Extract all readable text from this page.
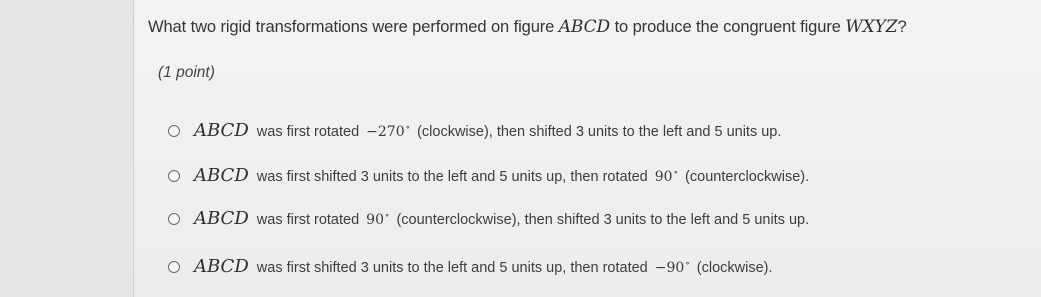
What two rigid transformations were performed on figure ABCD to produce the congruent figure WXYZ?
(1 point)
ABCD was first rotated −270∘ (clockwise), then shifted 3 units to the left and 5 units up.
ABCD was first shifted 3 units to the left and 5 units up, then rotated 90∘ (counterclockwise).
ABCD was first rotated 90∘ (counterclockwise), then shifted 3 units to the left and 5 units up.
ABCD was first shifted 3 units to the left and 5 units up, then rotated −90∘ (clockwise).
